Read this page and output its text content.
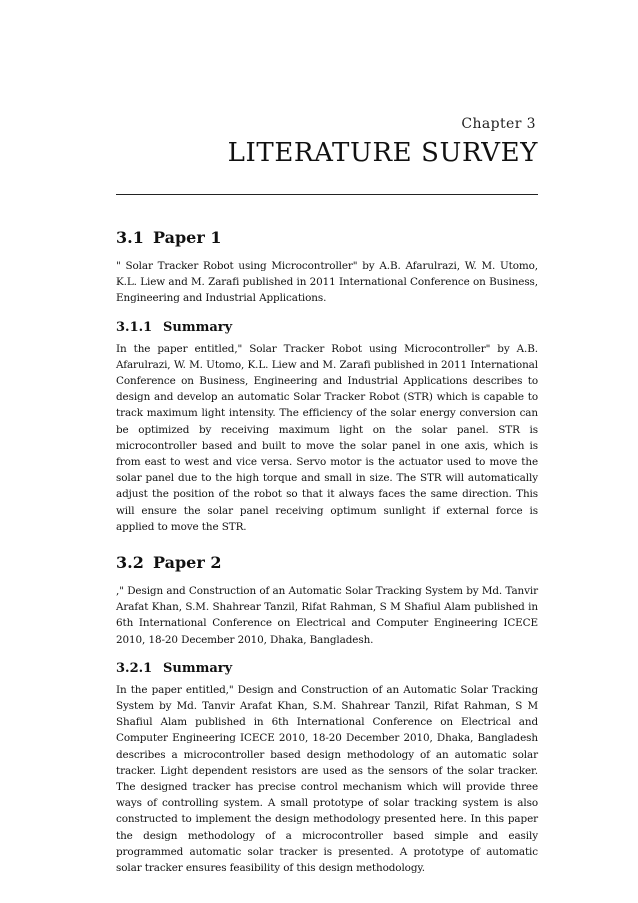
Chapter 3
LITERATURE SURVEY
3.1 Paper 1

" Solar Tracker Robot using Microcontroller" by A.B. Afarulrazi, W. M. Utomo, K.L. Liew and M. Zarafi published in 2011 International Conference on Business, Engineering and Industrial Applications.

3.1.1 Summary

In the paper entitled," Solar Tracker Robot using Microcontroller" by A.B. Afarulrazi, W. M. Utomo, K.L. Liew and M. Zarafi published in 2011 International Conference on Business, Engineering and Industrial Applications describes to design and develop an automatic Solar Tracker Robot (STR) which is capable to track maximum light intensity. The efficiency of the solar energy conversion can be optimized by receiving maximum light on the solar panel. STR is microcontroller based and built to move the solar panel in one axis, which is from east to west and vice versa. Servo motor is the actuator used to move the solar panel due to the high torque and small in size. The STR will automatically adjust the position of the robot so that it always faces the same direction. This will ensure the solar panel receiving optimum sunlight if external force is applied to move the STR.

3.2 Paper 2

," Design and Construction of an Automatic Solar Tracking System by Md. Tanvir Arafat Khan, S.M. Shahrear Tanzil, Rifat Rahman, S M Shafiul Alam published in 6th International Conference on Electrical and Computer Engineering ICECE 2010, 18-20 December 2010, Dhaka, Bangladesh.

3.2.1 Summary

In the paper entitled," Design and Construction of an Automatic Solar Tracking System by Md. Tanvir Arafat Khan, S.M. Shahrear Tanzil, Rifat Rahman, S M Shafiul Alam published in 6th International Conference on Electrical and Computer Engineering ICECE 2010, 18-20 December 2010, Dhaka, Bangladesh describes a microcontroller based design methodology of an automatic solar tracker. Light dependent resistors are used as the sensors of the solar tracker. The designed tracker has precise control mechanism which will provide three ways of controlling system. A small prototype of solar tracking system is also constructed to implement the design methodology presented here. In this paper the design methodology of a microcontroller based simple and easily programmed automatic solar tracker is presented. A prototype of automatic solar tracker ensures feasibility of this design methodology.
